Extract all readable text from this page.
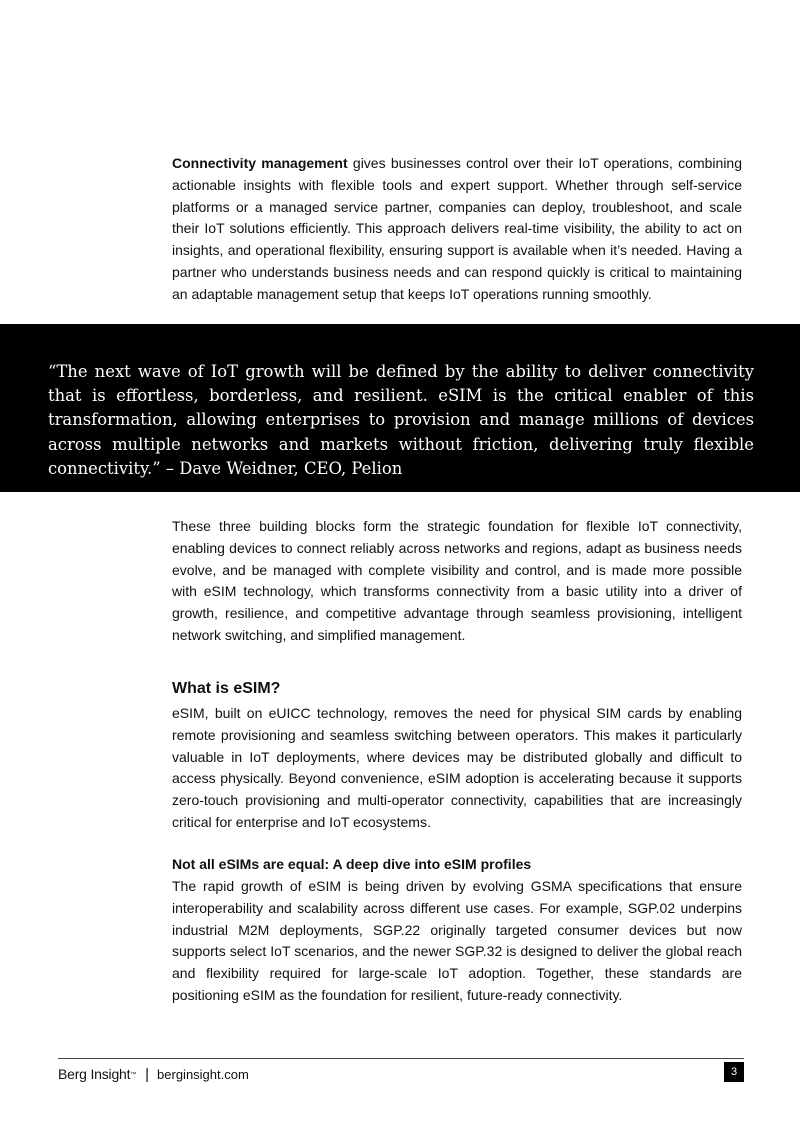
Connectivity management gives businesses control over their IoT operations, combining actionable insights with flexible tools and expert support. Whether through self-service platforms or a managed service partner, companies can deploy, troubleshoot, and scale their IoT solutions efficiently. This approach delivers real-time visibility, the ability to act on insights, and operational flexibility, ensuring support is available when it’s needed. Having a partner who understands business needs and can respond quickly is critical to maintaining an adaptable management setup that keeps IoT operations running smoothly.

“The next wave of IoT growth will be defined by the ability to deliver connectivity that is effortless, borderless, and resilient. eSIM is the critical enabler of this transformation, allowing enterprises to provision and manage millions of devices across multiple networks and markets without friction, delivering truly flexible connectivity.” – Dave Weidner, CEO, Pelion

These three building blocks form the strategic foundation for flexible IoT connectivity, enabling devices to connect reliably across networks and regions, adapt as business needs evolve, and be managed with complete visibility and control, and is made more possible with eSIM technology, which transforms connectivity from a basic utility into a driver of growth, resilience, and competitive advantage through seamless provisioning, intelligent network switching, and simplified management.

What is eSIM?

eSIM, built on eUICC technology, removes the need for physical SIM cards by enabling remote provisioning and seamless switching between operators. This makes it particularly valuable in IoT deployments, where devices may be distributed globally and difficult to access physically. Beyond convenience, eSIM adoption is accelerating because it supports zero-touch provisioning and multi-operator connectivity, capabilities that are increasingly critical for enterprise and IoT ecosystems.

Not all eSIMs are equal: A deep dive into eSIM profiles

The rapid growth of eSIM is being driven by evolving GSMA specifications that ensure interoperability and scalability across different use cases. For example, SGP.02 underpins industrial M2M deployments, SGP.22 originally targeted consumer devices but now supports select IoT scenarios, and the newer SGP.32 is designed to deliver the global reach and flexibility required for large-scale IoT adoption. Together, these standards are positioning eSIM as the foundation for resilient, future-ready connectivity.

Berg Insight™ | berginsight.com	3
